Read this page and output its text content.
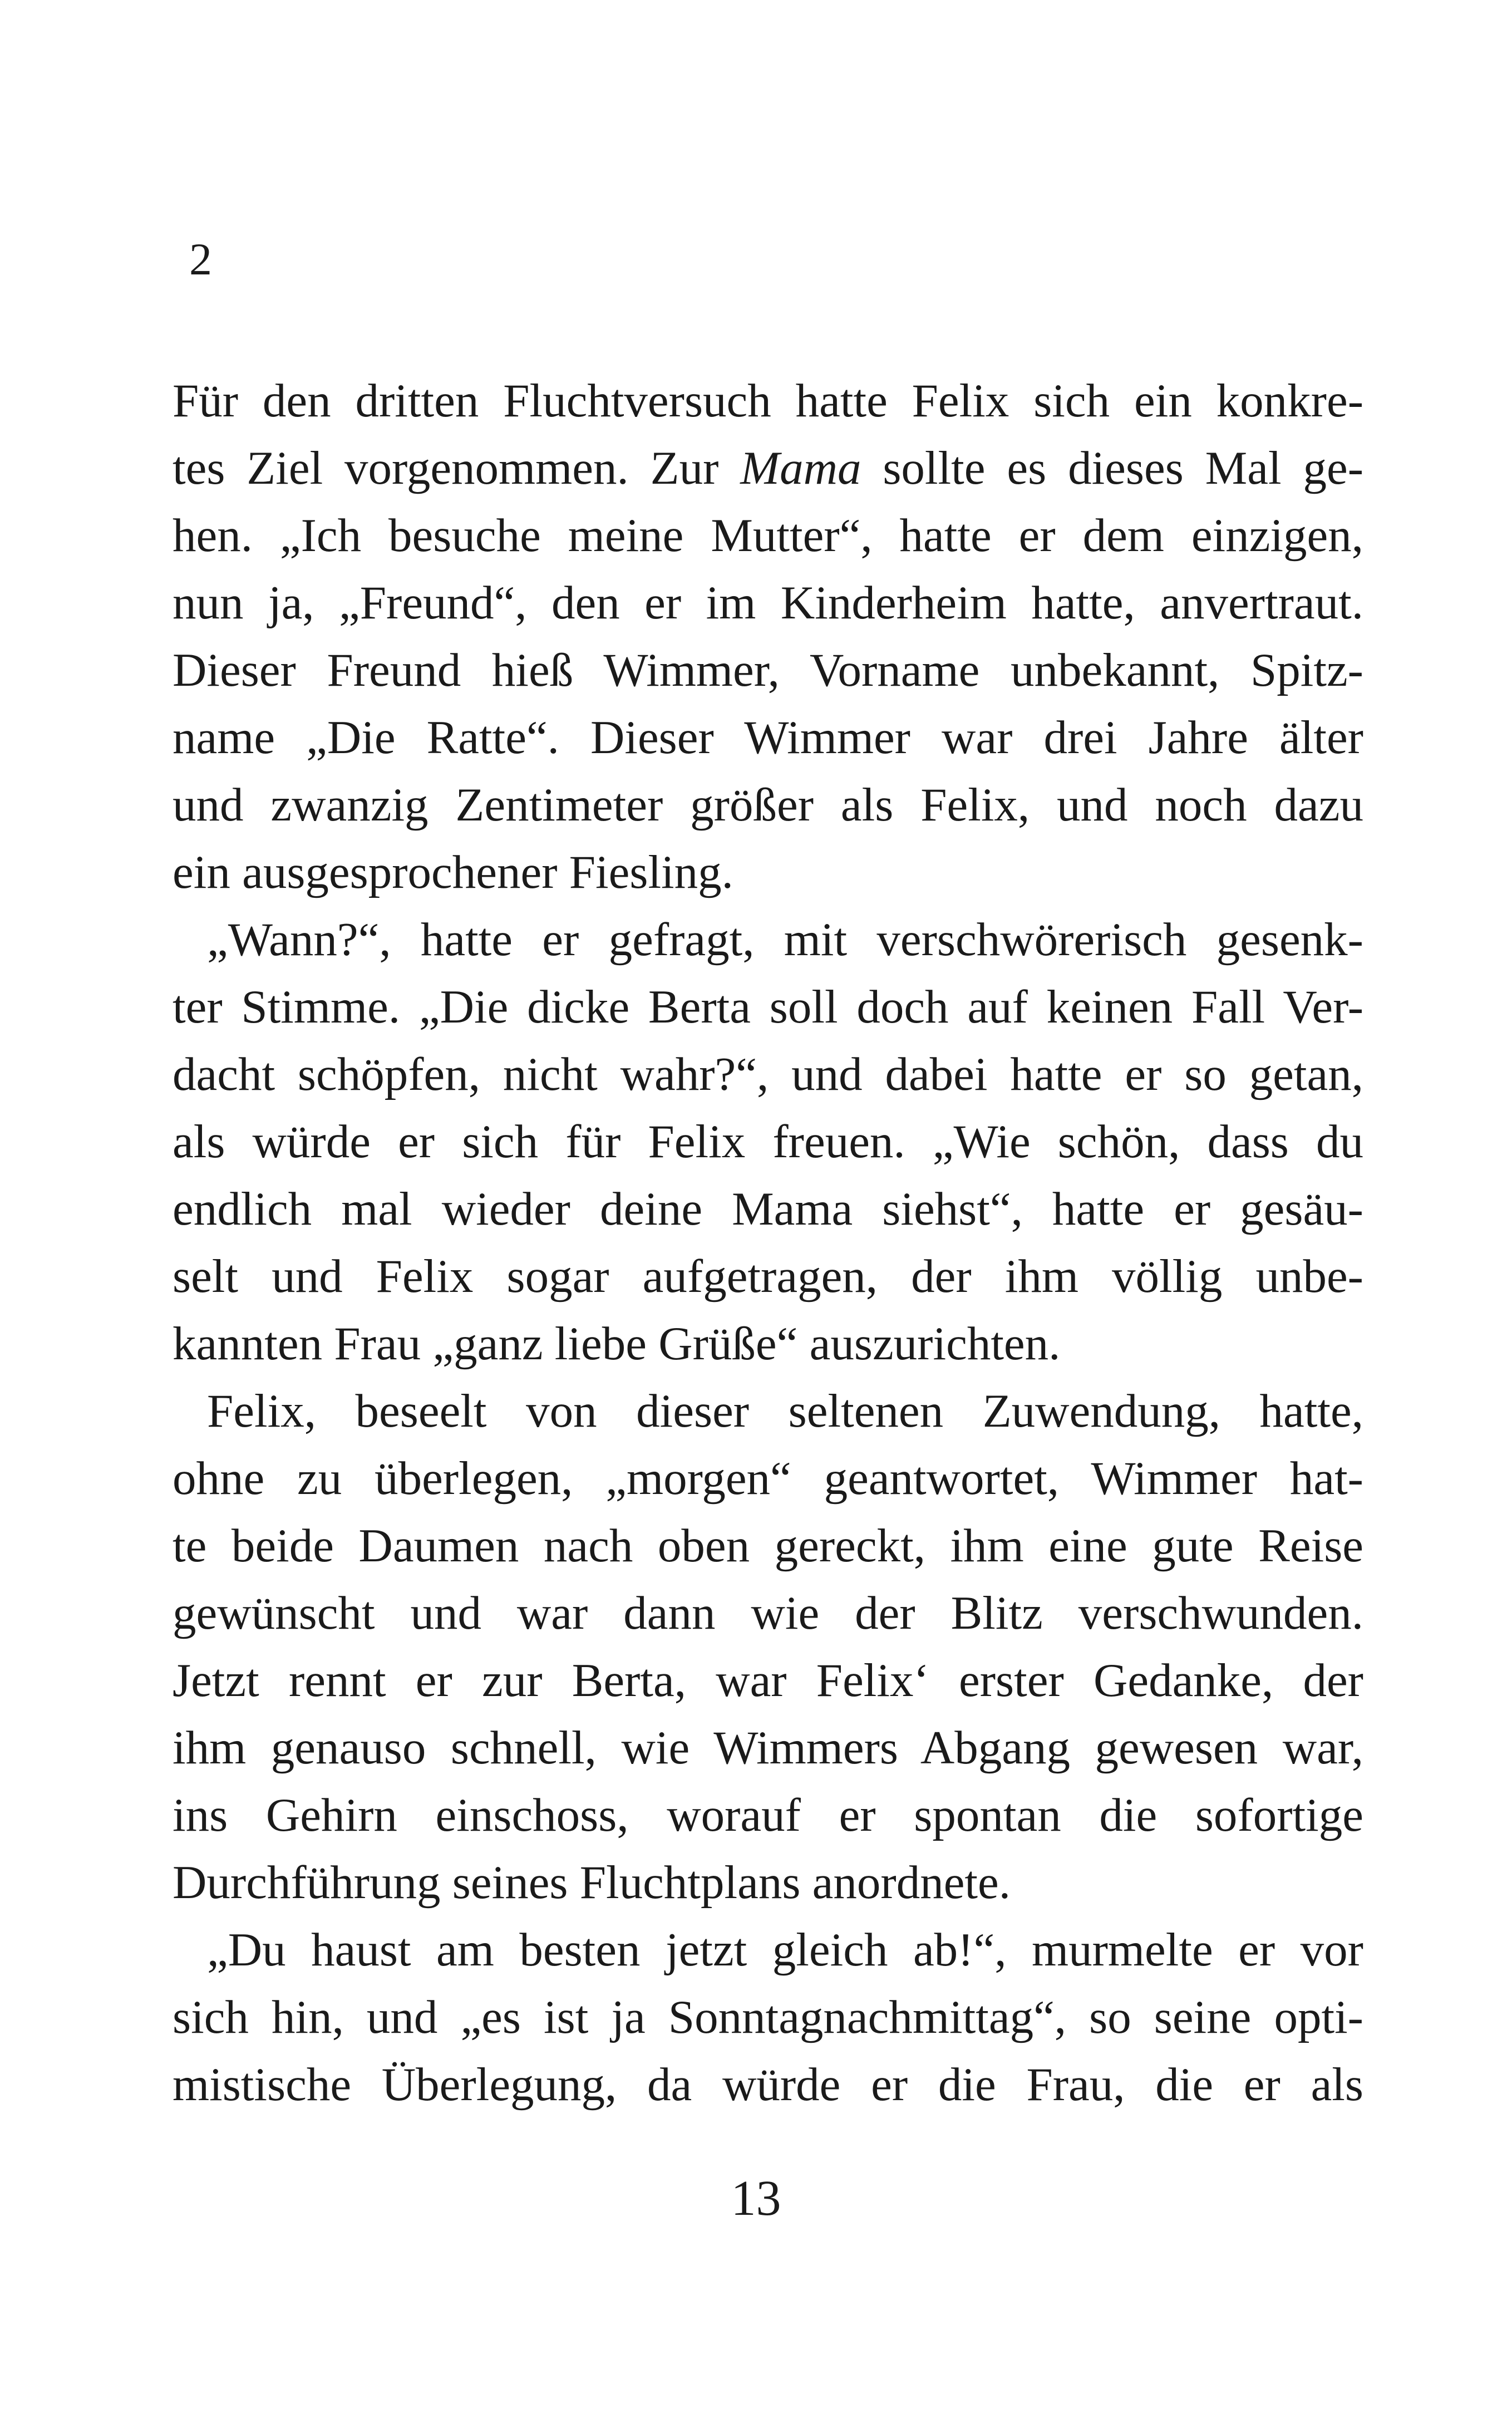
2
Für den dritten Fluchtversuch hatte Felix sich ein konkre-
tes Ziel vorgenommen. Zur Mama sollte es dieses Mal ge-
hen. „Ich besuche meine Mutter“, hatte er dem einzigen,
nun ja, „Freund“, den er im Kinderheim hatte, anvertraut.
Dieser Freund hieß Wimmer, Vorname unbekannt, Spitz-
name „Die Ratte“. Dieser Wimmer war drei Jahre älter
und zwanzig Zentimeter größer als Felix, und noch dazu
ein ausgesprochener Fiesling.
„Wann?“, hatte er gefragt, mit verschwörerisch gesenk-
ter Stimme. „Die dicke Berta soll doch auf keinen Fall Ver-
dacht schöpfen, nicht wahr?“, und dabei hatte er so getan,
als würde er sich für Felix freuen. „Wie schön, dass du
endlich mal wieder deine Mama siehst“, hatte er gesäu-
selt und Felix sogar aufgetragen, der ihm völlig unbe-
kannten Frau „ganz liebe Grüße“ auszurichten.
Felix, beseelt von dieser seltenen Zuwendung, hatte,
ohne zu überlegen, „morgen“ geantwortet, Wimmer hat-
te beide Daumen nach oben gereckt, ihm eine gute Reise
gewünscht und war dann wie der Blitz verschwunden.
Jetzt rennt er zur Berta, war Felix‘ erster Gedanke, der
ihm genauso schnell, wie Wimmers Abgang gewesen war,
ins Gehirn einschoss, worauf er spontan die sofortige
Durchführung seines Fluchtplans anordnete.
„Du haust am besten jetzt gleich ab!“, murmelte er vor
sich hin, und „es ist ja Sonntagnachmittag“, so seine opti-
mistische Überlegung, da würde er die Frau, die er als
13
